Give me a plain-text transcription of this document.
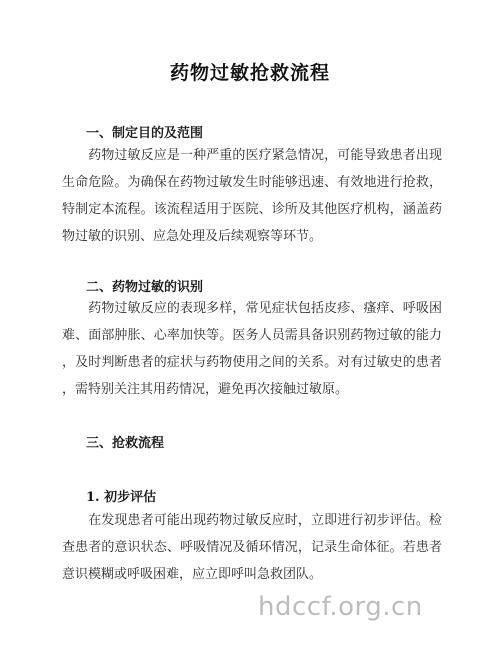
药物过敏抢救流程
一、制定目的及范围
　　药物过敏反应是一种严重的医疗紧急情况，可能导致患者出现
生命危险。为确保在药物过敏发生时能够迅速、有效地进行抢救，
特制定本流程。该流程适用于医院、诊所及其他医疗机构，涵盖药
物过敏的识别、应急处理及后续观察等环节。
二、药物过敏的识别
　　药物过敏反应的表现多样，常见症状包括皮疹、瘙痒、呼吸困
难、面部肿胀、心率加快等。医务人员需具备识别药物过敏的能力
，及时判断患者的症状与药物使用之间的关系。对有过敏史的患者
，需特别关注其用药情况，避免再次接触过敏原。
三、抢救流程
1. 初步评估
　　在发现患者可能出现药物过敏反应时，立即进行初步评估。检
查患者的意识状态、呼吸情况及循环情况，记录生命体征。若患者
意识模糊或呼吸困难，应立即呼叫急救团队。
hdccf.org.cn
